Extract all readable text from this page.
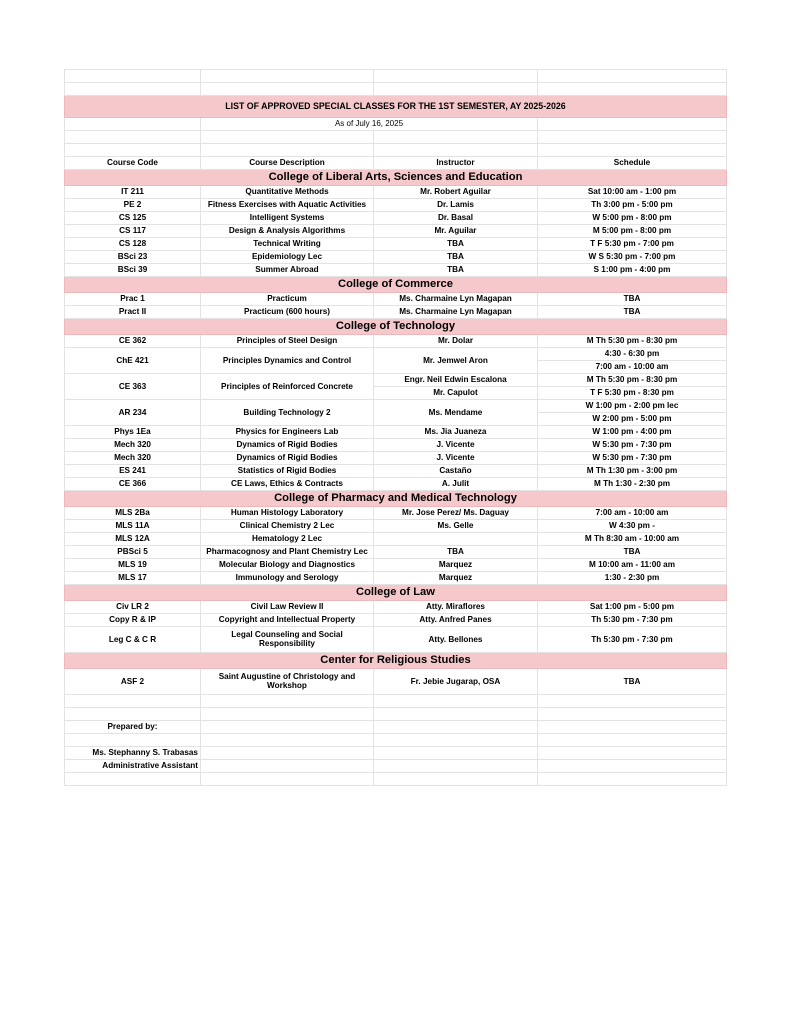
LIST OF APPROVED SPECIAL CLASSES FOR THE 1ST SEMESTER, AY 2025-2026			
	As of July 16, 2025		

Course Code	Course Description	Instructor	Schedule
College of Liberal Arts, Sciences and Education			
IT 211	Quantitative Methods	Mr. Robert Aguilar	Sat 10:00 am - 1:00 pm
PE 2	Fitness Exercises with Aquatic Activities	Dr. Lamis	Th 3:00 pm - 5:00 pm
CS 125	Intelligent Systems	Dr. Basal	W 5:00 pm - 8:00 pm
CS 117	Design & Analysis Algorithms	Mr. Aguilar	M 5:00 pm - 8:00 pm
CS 128	Technical Writing	TBA	T F 5:30 pm - 7:00 pm
BSci 23	Epidemiology Lec	TBA	W S 5:30 pm - 7:00 pm
BSci 39	Summer Abroad	TBA	S 1:00 pm - 4:00 pm
College of Commerce			
Prac 1	Practicum	Ms. Charmaine Lyn Magapan	TBA
Pract II	Practicum (600 hours)	Ms. Charmaine Lyn Magapan	TBA
College of Technology			
CE 362	Principles of Steel Design	Mr. Dolar	M Th 5:30 pm - 8:30 pm
ChE 421	Principles Dynamics and Control	Mr. Jemwel Aron	4:30 - 6:30 pm
			7:00 am - 10:00 am
CE 363	Principles of Reinforced Concrete	Engr. Neil Edwin Escalona	M Th 5:30 pm - 8:30 pm
		Mr. Capulot	T F 5:30 pm - 8:30 pm
AR 234	Building Technology 2	Ms. Mendame	W 1:00 pm - 2:00 pm lec
			W 2:00 pm - 5:00 pm
Phys 1Ea	Physics for Engineers Lab	Ms. Jia Juaneza	W 1:00 pm - 4:00 pm
Mech 320	Dynamics of Rigid Bodies	J. Vicente	W 5:30 pm - 7:30 pm
Mech 320	Dynamics of Rigid Bodies	J. Vicente	W 5:30 pm - 7:30 pm
ES 241	Statistics of Rigid Bodies	Castaño	M Th 1:30 pm - 3:00 pm
CE 366	CE Laws, Ethics & Contracts	A. Julit	M Th 1:30 - 2:30 pm
College of Pharmacy and Medical Technology			
MLS 2Ba	Human Histology Laboratory	Mr. Jose Perez/ Ms. Daguay	7:00 am - 10:00 am
MLS 11A	Clinical Chemistry 2 Lec	Ms. Gelle	W 4:30 pm -
MLS 12A	Hematology 2 Lec		M Th 8:30 am - 10:00 am
PBSci 5	Pharmacognosy and Plant Chemistry Lec	TBA	TBA
MLS 19	Molecular Biology and Diagnostics	Marquez	M 10:00 am - 11:00 am
MLS 17	Immunology and Serology	Marquez	1:30 - 2:30 pm
College of Law			
Civ LR 2	Civil Law Review II	Atty. Miraflores	Sat 1:00 pm - 5:00 pm
Copy R & IP	Copyright and Intellectual Property	Atty. Anfred Panes	Th 5:30 pm - 7:30 pm
Leg C & C R	Legal Counseling and Social Responsibility	Atty. Bellones	Th 5:30 pm - 7:30 pm
Center for Religious Studies			
ASF 2	Saint Augustine of Christology and Workshop	Fr. Jebie Jugarap, OSA	TBA

Prepared by:			

Ms. Stephanny S. Trabasas			
Administrative Assistant			
